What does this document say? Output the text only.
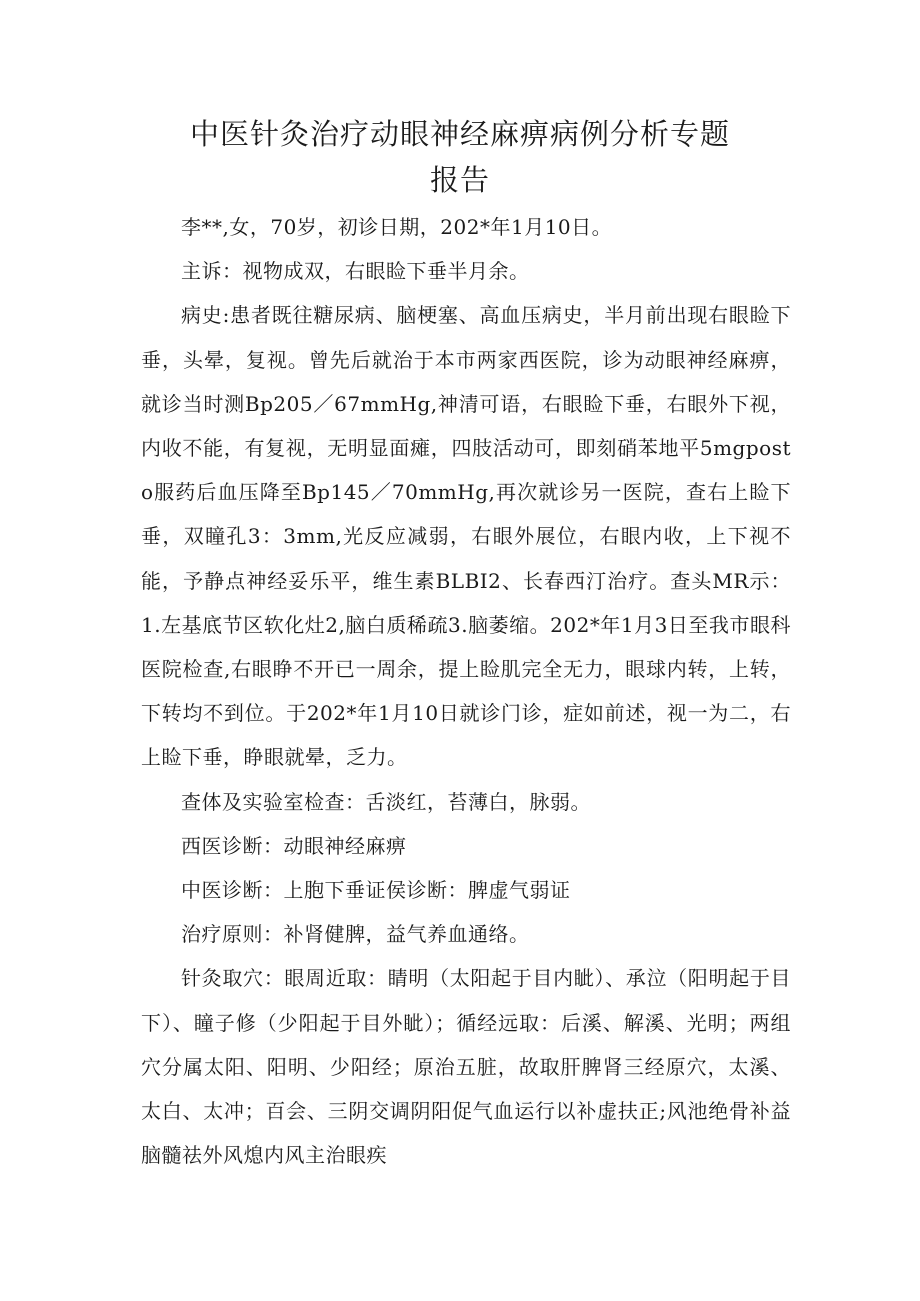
中医针灸治疗动眼神经麻痹病例分析专题
报告

李**,女，70岁，初诊日期，202*年1月10日。

主诉：视物成双，右眼睑下垂半月余。

病史:患者既往糖尿病、脑梗塞、高血压病史，半月前出现右眼睑下垂，头晕，复视。曾先后就治于本市两家西医院，诊为动眼神经麻痹，就诊当时测Bp205／67mmHg,神清可语，右眼睑下垂，右眼外下视，内收不能，有复视，无明显面瘫，四肢活动可，即刻硝苯地平5mgposto服药后血压降至Bp145／70mmHg,再次就诊另一医院，查右上睑下垂，双瞳孔3：3mm,光反应减弱，右眼外展位，右眼内收，上下视不能，予静点神经妥乐平，维生素BLBI2、长春西汀治疗。查头MR示：1.左基底节区软化灶2,脑白质稀疏3.脑萎缩。202*年1月3日至我市眼科医院检查,右眼睁不开已一周余，提上睑肌完全无力，眼球内转，上转，下转均不到位。于202*年1月10日就诊门诊，症如前述，视一为二，右上睑下垂，睁眼就晕，乏力。

查体及实验室检查：舌淡红，苔薄白，脉弱。

西医诊断：动眼神经麻痹

中医诊断：上胞下垂证侯诊断：脾虚气弱证

治疗原则：补肾健脾，益气养血通络。

针灸取穴：眼周近取：睛明（太阳起于目内眦）、承泣（阳明起于目下）、瞳子修（少阳起于目外眦）；循经远取：后溪、解溪、光明；两组穴分属太阳、阳明、少阳经；原治五脏，故取肝脾肾三经原穴，太溪、太白、太冲；百会、三阴交调阴阳促气血运行以补虚扶正;风池绝骨补益脑髓祛外风熄内风主治眼疾
